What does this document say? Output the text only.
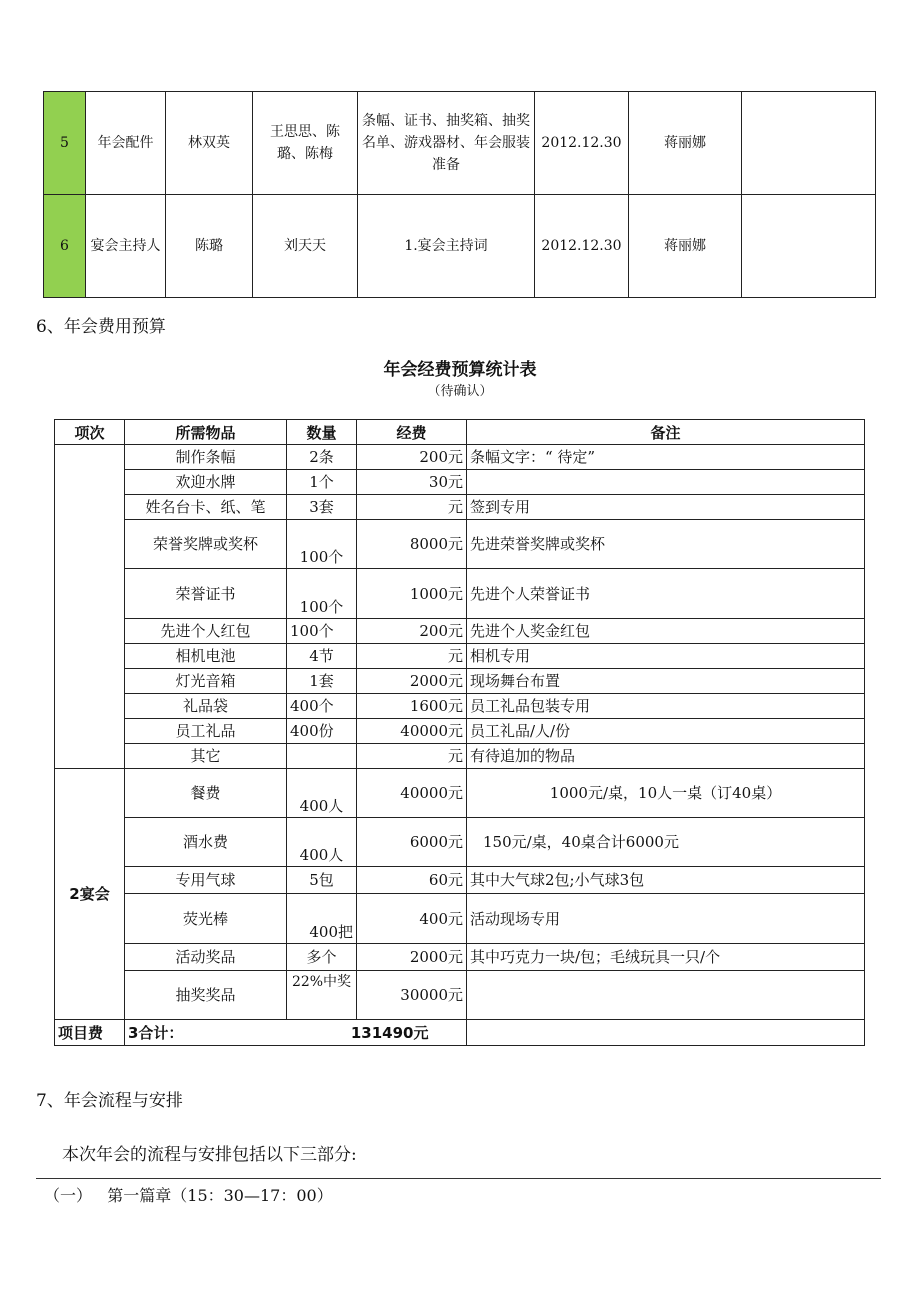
5	年会配件	林双英	王思思、陈璐、陈梅	条幅、证书、抽奖箱、抽奖名单、游戏器材、年会服装准备	2012.12.30	蒋丽娜	
6	宴会主持人	陈璐	刘天天	1.宴会主持词	2012.12.30	蒋丽娜	
6、年会费用预算
年会经费预算统计表
（待确认）
项次	所需物品	数量	经费	备注
	制作条幅	2条	200元	条幅文字：“ 待定”
	欢迎水牌	1个	30元	
	姓名台卡、纸、笔	3套	元	签到专用
	荣誉奖牌或奖杯	100个	8000元	先进荣誉奖牌或奖杯
	荣誉证书	100个	1000元	先进个人荣誉证书
	先进个人红包	100个	200元	先进个人奖金红包
	相机电池	4节	元	相机专用
	灯光音箱	1套	2000元	现场舞台布置
	礼品袋	400个	1600元	员工礼品包装专用
	员工礼品	400份	40000元	员工礼品/人/份
	其它		元	有待追加的物品
2宴会	餐费	400人	40000元	1000元/桌，10人一桌（订40桌）
	酒水费	400人	6000元	150元/桌，40桌合计6000元
	专用气球	5包	60元	其中大气球2包;小气球3包
	荧光棒	400把	400元	活动现场专用
	活动奖品	多个	2000元	其中巧克力一块/包；毛绒玩具一只/个
	抽奖奖品	22%中奖	30000元	
项目费	3合计： 131490元			

7、年会流程与安排
本次年会的流程与安排包括以下三部分:
（一）   第一篇章（15：30—17：00）
